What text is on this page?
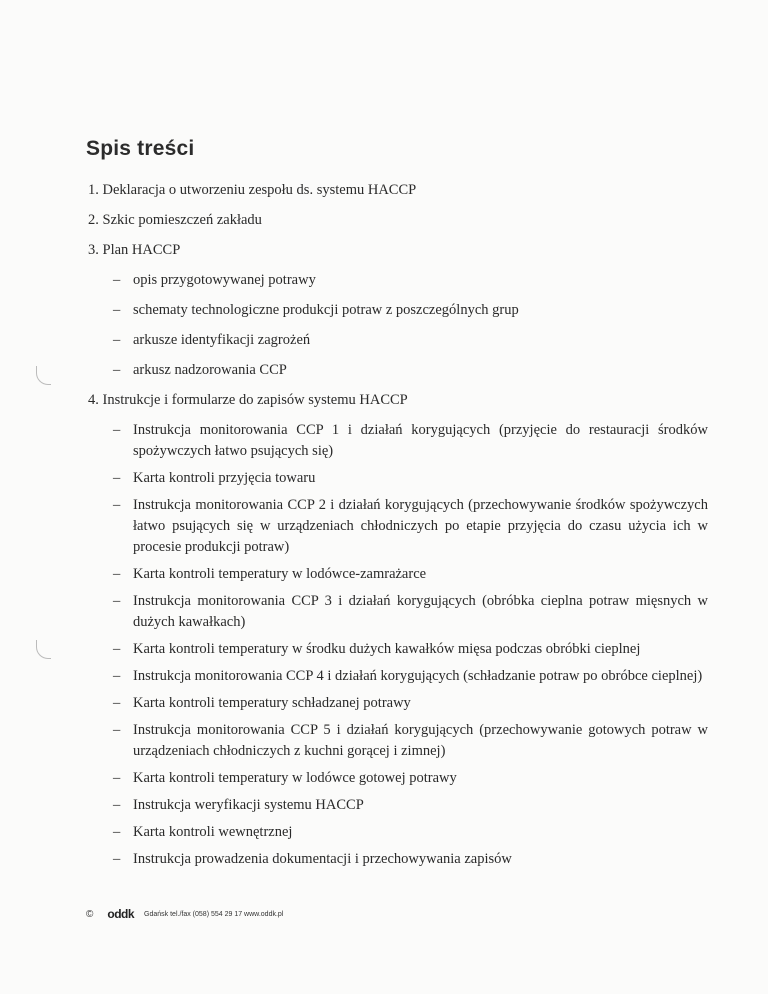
Spis treści
1. Deklaracja o utworzeniu zespołu ds. systemu HACCP
2. Szkic pomieszczeń zakładu
3. Plan HACCP
– opis przygotowywanej potrawy
– schematy technologiczne produkcji potraw z poszczególnych grup
– arkusze identyfikacji zagrożeń
– arkusz nadzorowania CCP
4. Instrukcje i formularze do zapisów systemu HACCP
– Instrukcja monitorowania CCP 1 i działań korygujących (przyjęcie do restauracji środków spożywczych łatwo psujących się)
– Karta kontroli przyjęcia towaru
– Instrukcja monitorowania CCP 2 i działań korygujących (przechowywanie środków spożywczych łatwo psujących się w urządzeniach chłodniczych po etapie przyjęcia do czasu użycia ich w procesie produkcji potraw)
– Karta kontroli temperatury w lodówce-zamrażarce
– Instrukcja monitorowania CCP 3 i działań korygujących (obróbka cieplna potraw mięsnych w dużych kawałkach)
– Karta kontroli temperatury w środku dużych kawałków mięsa podczas obróbki cieplnej
– Instrukcja monitorowania CCP 4 i działań korygujących (schładzanie potraw po obróbce cieplnej)
– Karta kontroli temperatury schładzanej potrawy
– Instrukcja monitorowania CCP 5 i działań korygujących (przechowywanie gotowych potraw w urządzeniach chłodniczych z kuchni gorącej i zimnej)
– Karta kontroli temperatury w lodówce gotowej potrawy
– Instrukcja weryfikacji systemu HACCP
– Karta kontroli wewnętrznej
– Instrukcja prowadzenia dokumentacji i przechowywania zapisów
© oddk Gdańsk tel./fax (058) 554 29 17 www.oddk.pl
